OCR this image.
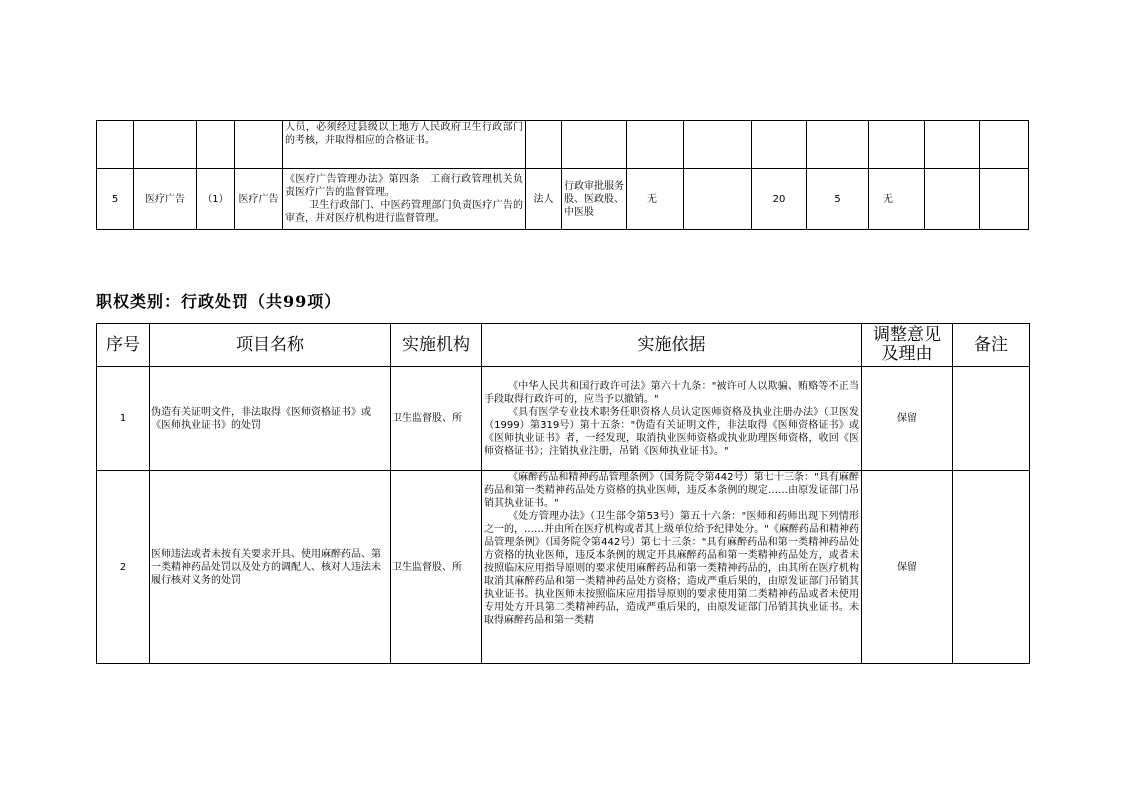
				人员，必须经过县级以上地方人民政府卫生行政部门的考核，并取得相应的合格证书。									

5	医疗广告	（1）	医疗广告	《医疗广告管理办法》第四条　工商行政管理机关负责医疗广告的监督管理。

卫生行政部门、中医药管理部门负责医疗广告的审查，并对医疗机构进行监督管理。	法人	行政审批服务股、医政股、中医股	无		20	5	无		
职权类别：行政处罚（共99项）
序号	项目名称	实施机构	实施依据	调整意见及理由	备注
1	伪造有关证明文件，非法取得《医师资格证书》或《医师执业证书》的处罚	卫生监督股、所	《中华人民共和国行政许可法》第六十九条："被许可人以欺骗、贿赂等不正当手段取得行政许可的，应当予以撤销。"

《具有医学专业技术职务任职资格人员认定医师资格及执业注册办法》（卫医发（1999）第319号）第十五条："伪造有关证明文件，非法取得《医师资格证书》或《医师执业证书》者，一经发现，取消执业医师资格或执业助理医师资格，收回《医师资格证书》；注销执业注册，吊销《医师执业证书》。"	保留	
2	医师违法或者未按有关要求开具、使用麻醉药品、第一类精神药品处罚以及处方的调配人、核对人违法未履行核对义务的处罚	卫生监督股、所	《麻醉药品和精神药品管理条例》（国务院令第442号）第七十三条："具有麻醉药品和第一类精神药品处方资格的执业医师，违反本条例的规定……由原发证部门吊销其执业证书。"

《处方管理办法》（卫生部令第53号）第五十六条："医师和药师出现下列情形之一的，……并由所在医疗机构或者其上级单位给予纪律处分。"《麻醉药品和精神药品管理条例》（国务院令第442号）第七十三条："具有麻醉药品和第一类精神药品处方资格的执业医师，违反本条例的规定开具麻醉药品和第一类精神药品处方，或者未按照临床应用指导原则的要求使用麻醉药品和第一类精神药品的，由其所在医疗机构取消其麻醉药品和第一类精神药品处方资格；造成严重后果的，由原发证部门吊销其执业证书。执业医师未按照临床应用指导原则的要求使用第二类精神药品或者未使用专用处方开具第二类精神药品，造成严重后果的，由原发证部门吊销其执业证书。未取得麻醉药品和第一类精	保留	
